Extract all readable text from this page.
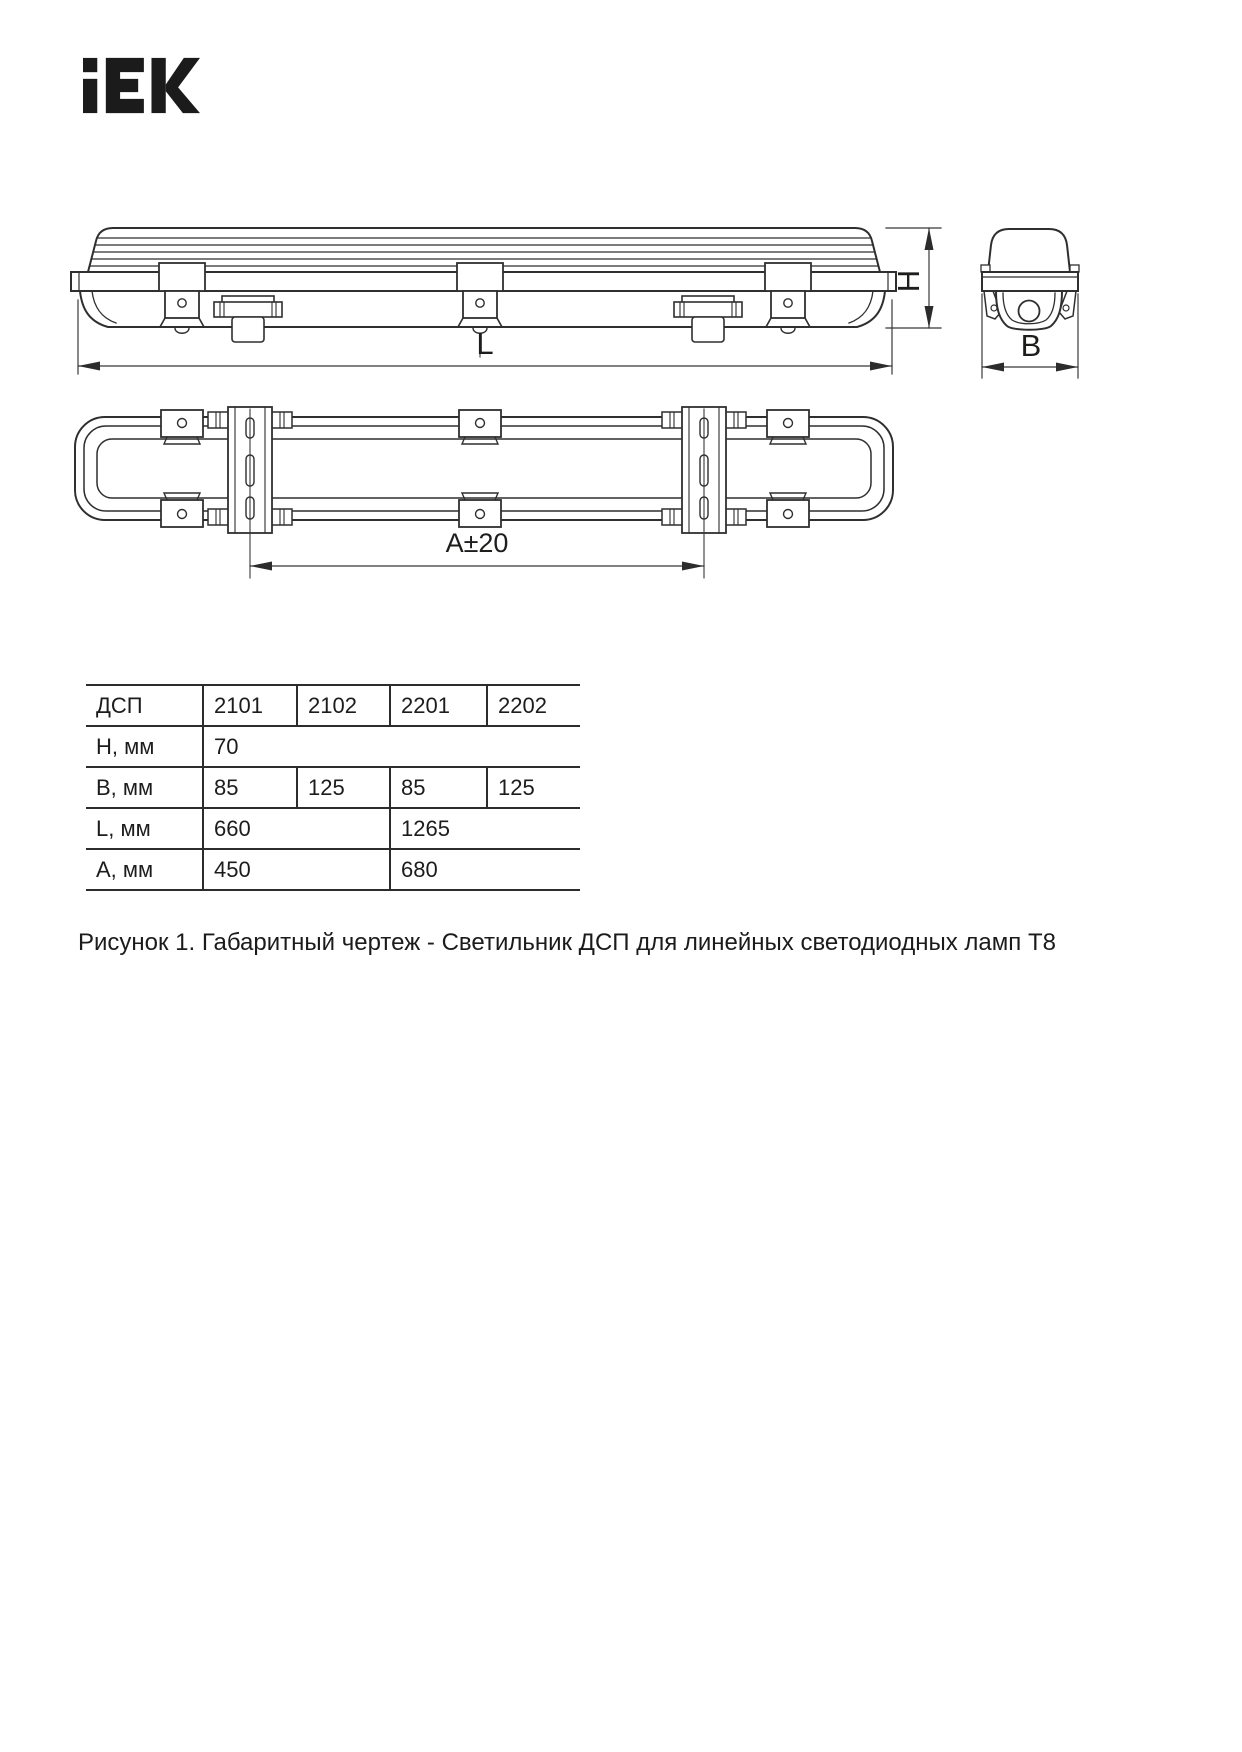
H
L	B
A±20
ДСП	2101	2102	2201	2202
H, мм	70			
B, мм	85	125	85	125
L, мм	660		1265	
A, мм	450		680	
Рисунок 1. Габаритный чертеж - Светильник ДСП для линейных светодиодных ламп Т8
